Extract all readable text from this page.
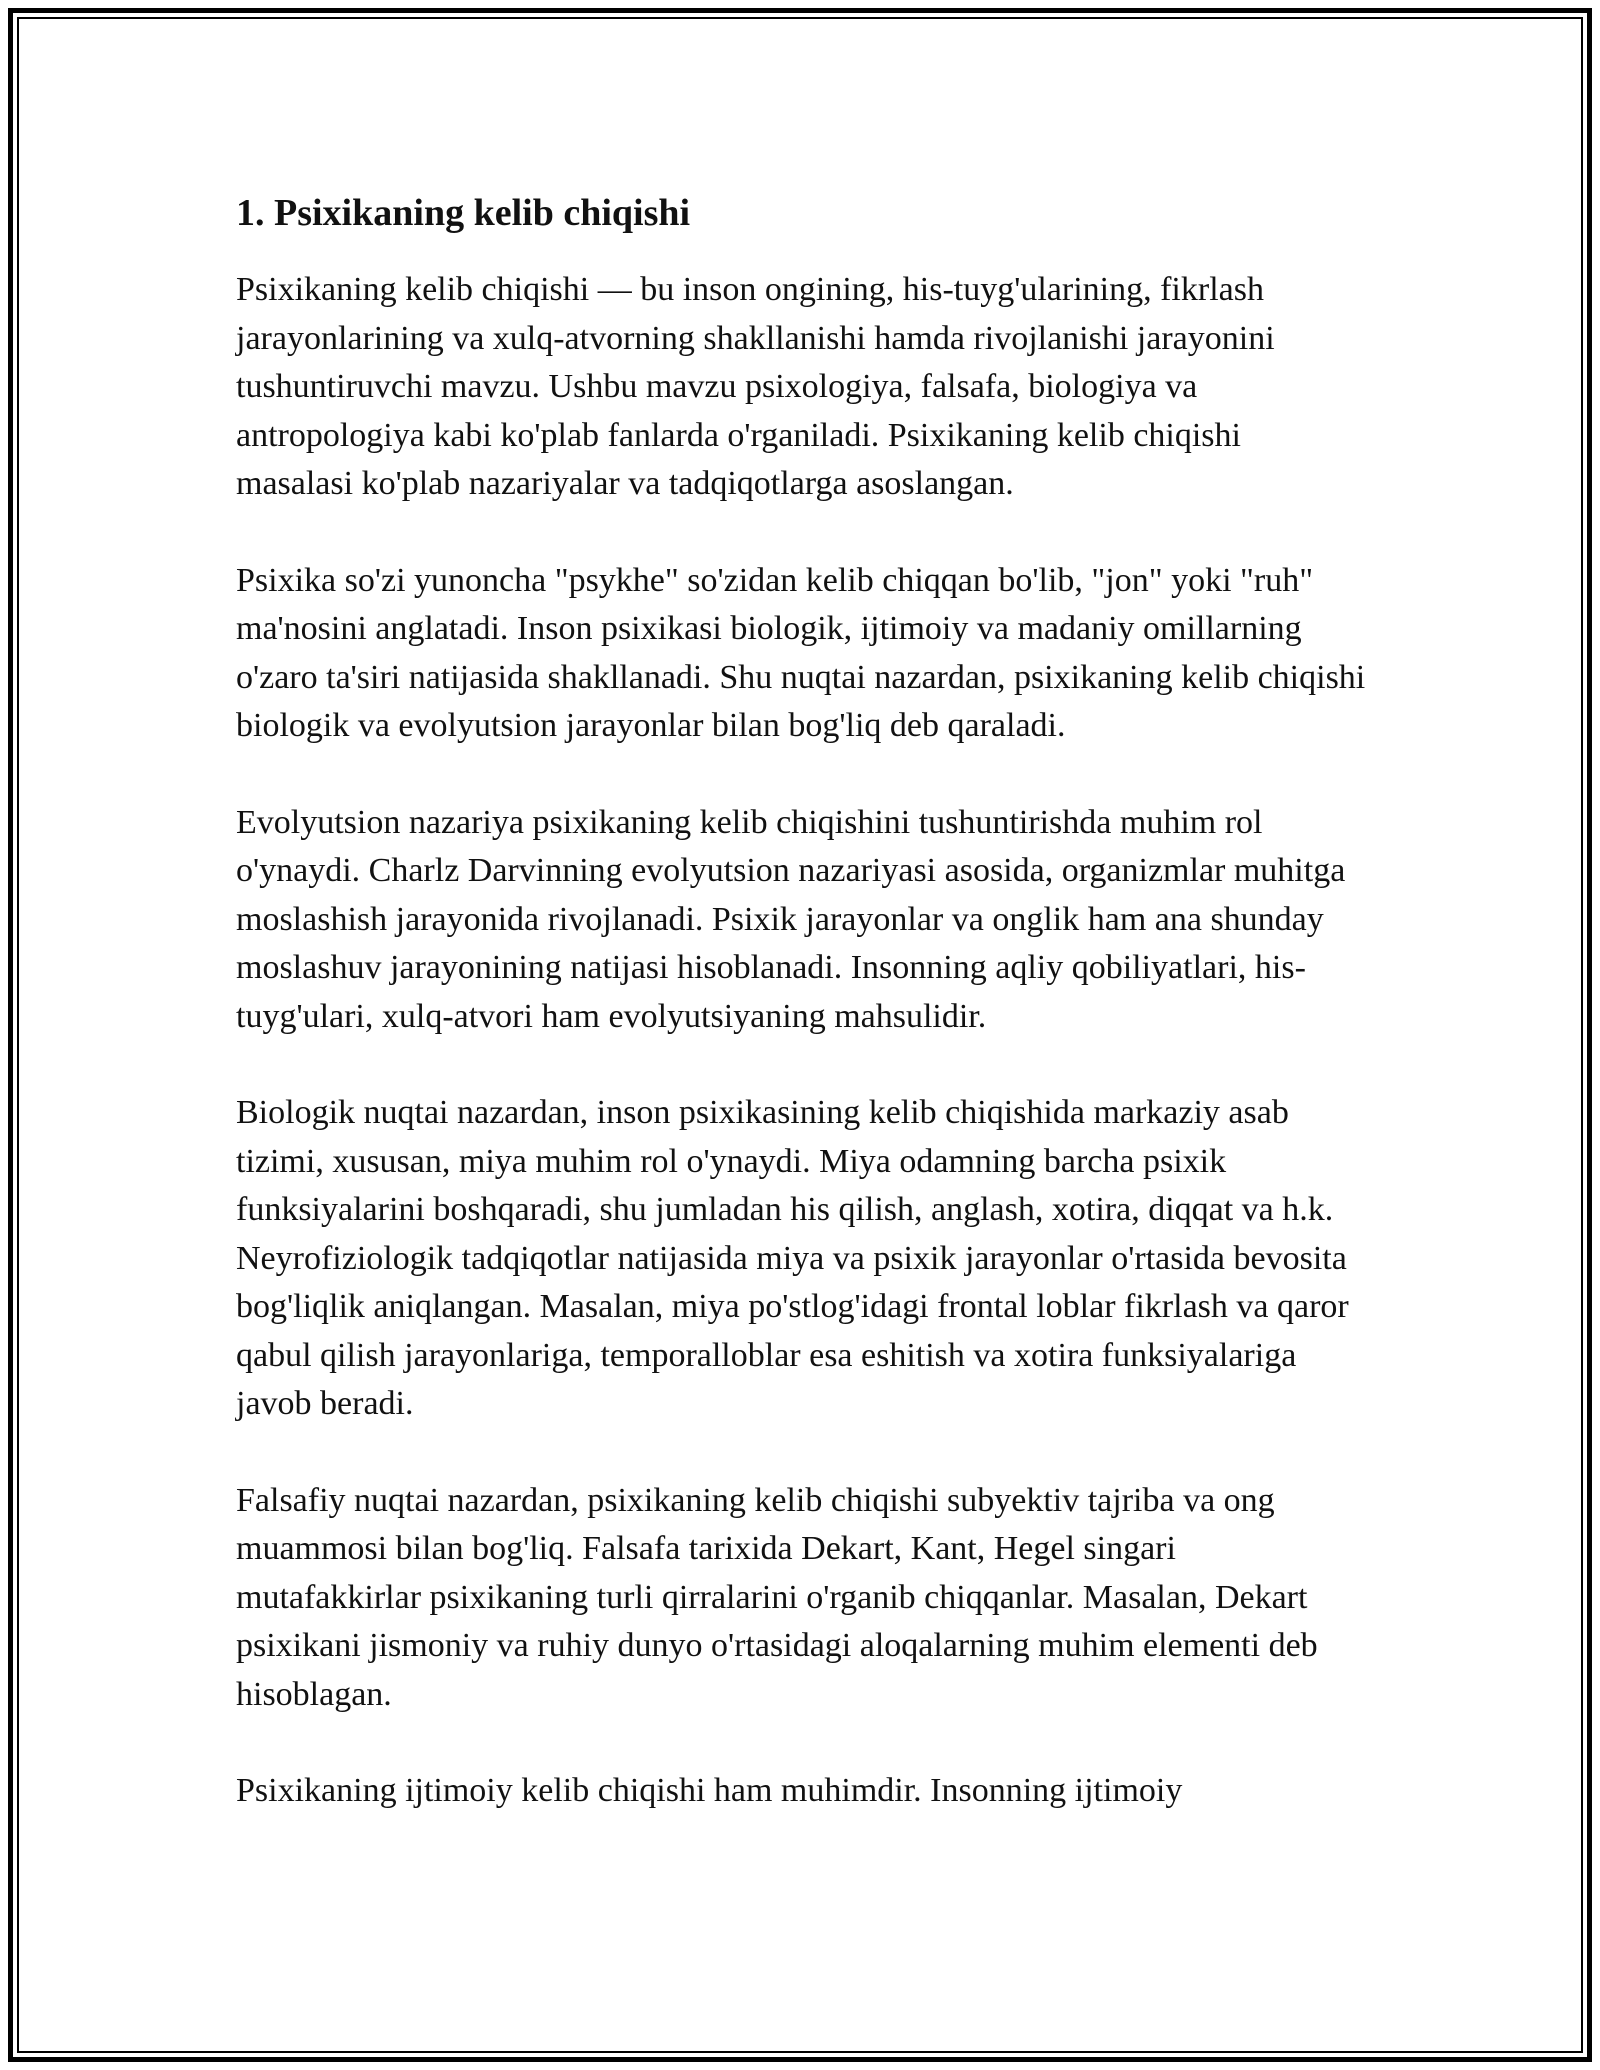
1. Psixikaning kelib chiqishi

Psixikaning kelib chiqishi — bu inson ongining, his-tuyg'ularining, fikrlash jarayonlarining va xulq-atvorning shakllanishi hamda rivojlanishi jarayonini tushuntiruvchi mavzu. Ushbu mavzu psixologiya, falsafa, biologiya va antropologiya kabi ko'plab fanlarda o'rganiladi. Psixikaning kelib chiqishi masalasi ko'plab nazariyalar va tadqiqotlarga asoslangan.

Psixika so'zi yunoncha "psykhe" so'zidan kelib chiqqan bo'lib, "jon" yoki "ruh" ma'nosini anglatadi. Inson psixikasi biologik, ijtimoiy va madaniy omillarning o'zaro ta'siri natijasida shakllanadi. Shu nuqtai nazardan, psixikaning kelib chiqishi biologik va evolyutsion jarayonlar bilan bog'liq deb qaraladi.

Evolyutsion nazariya psixikaning kelib chiqishini tushuntirishda muhim rol o'ynaydi. Charlz Darvinning evolyutsion nazariyasi asosida, organizmlar muhitga moslashish jarayonida rivojlanadi. Psixik jarayonlar va onglik ham ana shunday moslashuv jarayonining natijasi hisoblanadi. Insonning aqliy qobiliyatlari, his-tuyg'ulari, xulq-atvori ham evolyutsiyaning mahsulidir.

Biologik nuqtai nazardan, inson psixikasining kelib chiqishida markaziy asab tizimi, xususan, miya muhim rol o'ynaydi. Miya odamning barcha psixik funksiyalarini boshqaradi, shu jumladan his qilish, anglash, xotira, diqqat va h.k. Neyrofiziologik tadqiqotlar natijasida miya va psixik jarayonlar o'rtasida bevosita bog'liqlik aniqlangan. Masalan, miya po'stlog'idagi frontal loblar fikrlash va qaror qabul qilish jarayonlariga, temporalloblar esa eshitish va xotira funksiyalariga javob beradi.

Falsafiy nuqtai nazardan, psixikaning kelib chiqishi subyektiv tajriba va ong muammosi bilan bog'liq. Falsafa tarixida Dekart, Kant, Hegel singari mutafakkirlar psixikaning turli qirralarini o'rganib chiqqanlar. Masalan, Dekart psixikani jismoniy va ruhiy dunyo o'rtasidagi aloqalarning muhim elementi deb hisoblagan.

Psixikaning ijtimoiy kelib chiqishi ham muhimdir. Insonning ijtimoiy
